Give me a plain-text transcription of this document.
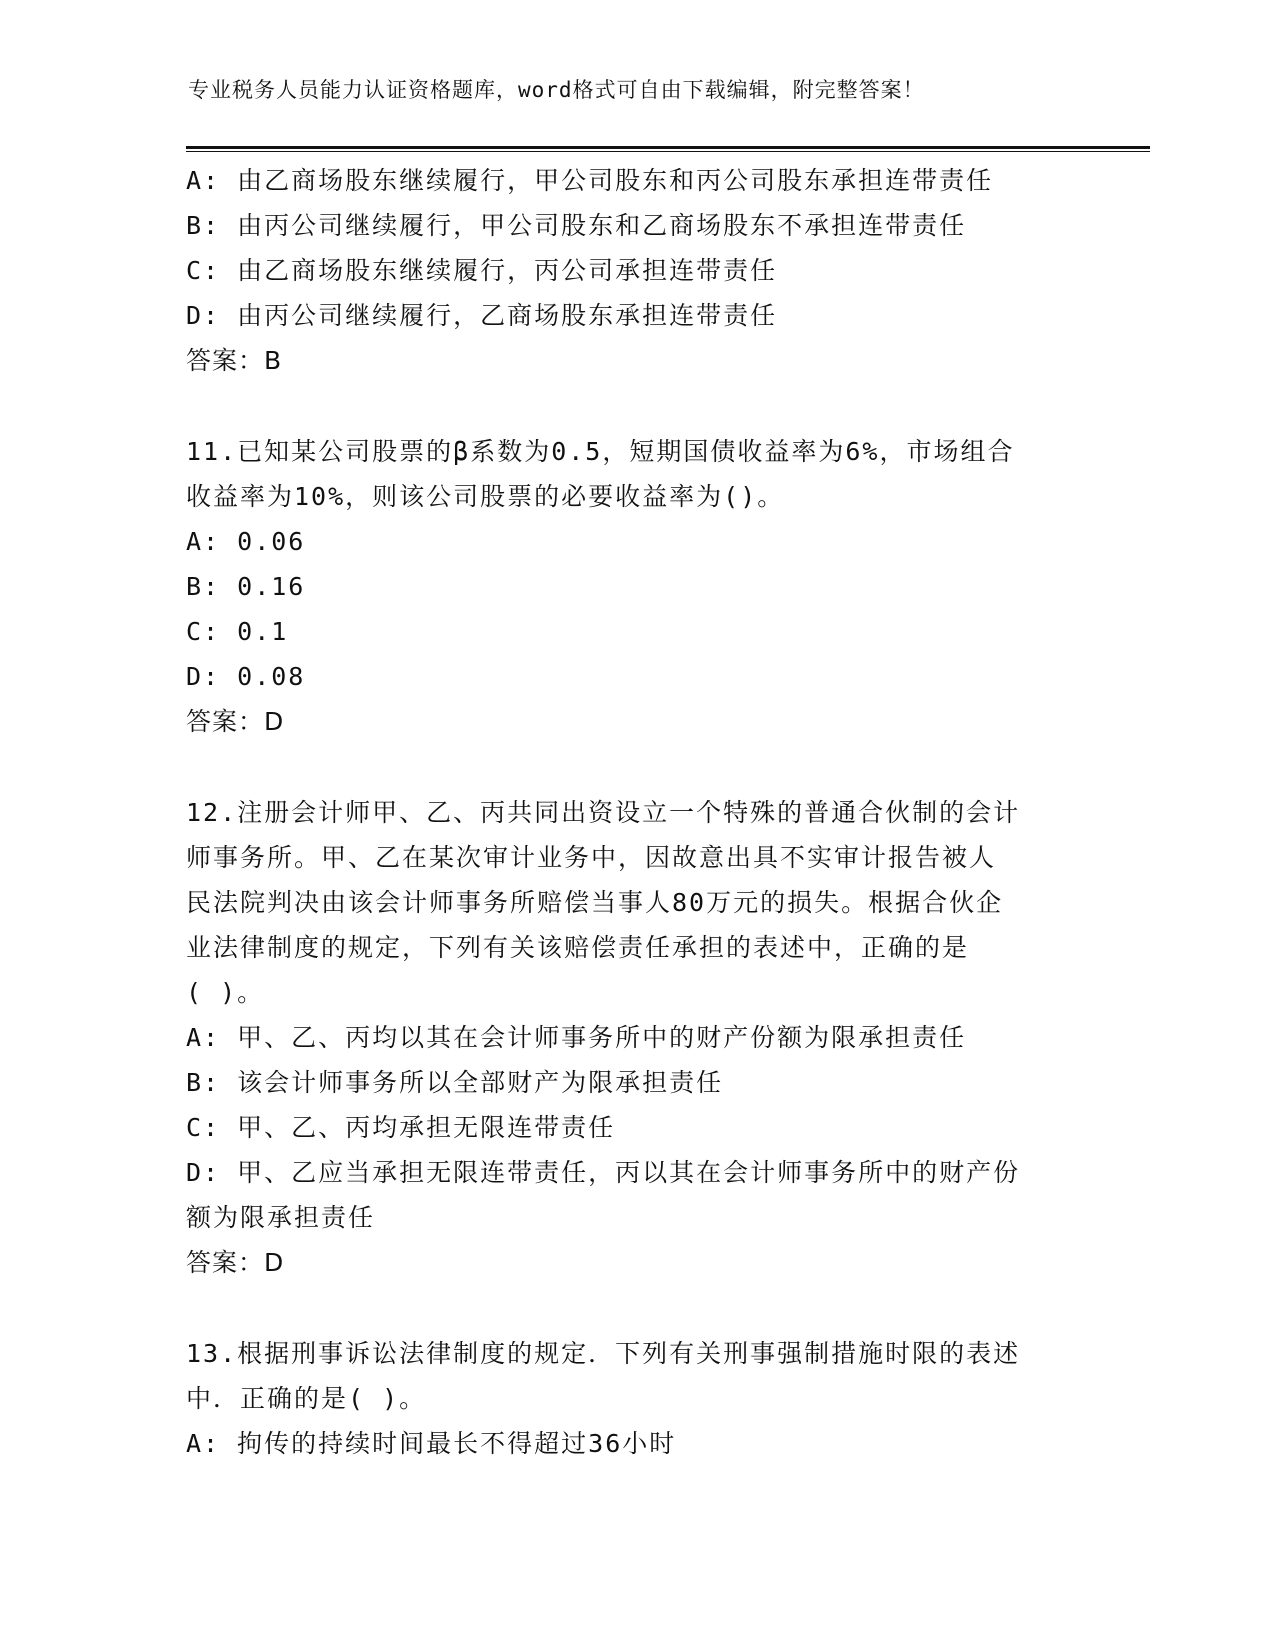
专业税务人员能力认证资格题库，word格式可自由下载编辑，附完整答案！
A: 由乙商场股东继续履行，甲公司股东和丙公司股东承担连带责任
B: 由丙公司继续履行，甲公司股东和乙商场股东不承担连带责任
C: 由乙商场股东继续履行，丙公司承担连带责任
D: 由丙公司继续履行，乙商场股东承担连带责任
答案：B
11.已知某公司股票的β系数为0.5，短期国债收益率为6%，市场组合
收益率为10%，则该公司股票的必要收益率为()。
A: 0.06
B: 0.16
C: 0.1
D: 0.08
答案：D
12.注册会计师甲、乙、丙共同出资设立一个特殊的普通合伙制的会计
师事务所。甲、乙在某次审计业务中，因故意出具不实审计报告被人
民法院判决由该会计师事务所赔偿当事人80万元的损失。根据合伙企
业法律制度的规定，下列有关该赔偿责任承担的表述中，正确的是
( )。
A: 甲、乙、丙均以其在会计师事务所中的财产份额为限承担责任
B: 该会计师事务所以全部财产为限承担责任
C: 甲、乙、丙均承担无限连带责任
D: 甲、乙应当承担无限连带责任，丙以其在会计师事务所中的财产份
额为限承担责任
答案：D
13.根据刑事诉讼法律制度的规定．下列有关刑事强制措施时限的表述
中．正确的是( )。
A: 拘传的持续时间最长不得超过36小时
